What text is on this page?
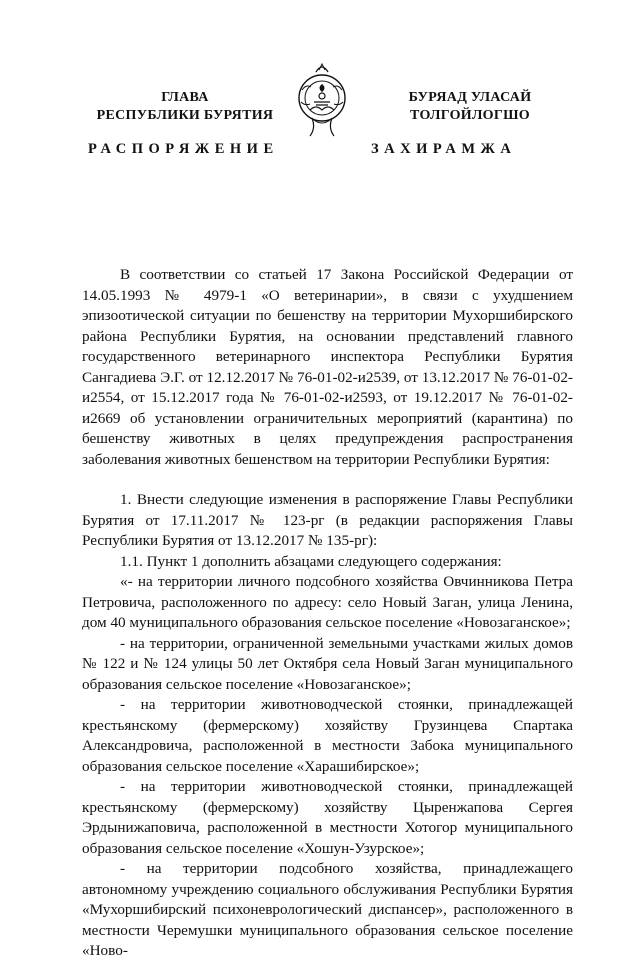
ГЛАВА
РЕСПУБЛИКИ БУРЯТИЯ
БУРЯАД УЛАСАЙ
ТОЛГОЙЛОГШО
РАСПОРЯЖЕНИЕ	ЗАХИРАМЖА

В соответствии со статьей 17 Закона Российской Федерации от 14.05.1993 № 4979-1 «О ветеринарии», в связи с ухудшением эпизоотической ситуации по бешенству на территории Мухоршибирского района Республики Бурятия, на основании представлений главного государственного ветеринарного инспектора Республики Бурятия Сангадиева Э.Г. от 12.12.2017 № 76-01-02-и2539, от 13.12.2017 № 76-01-02-и2554, от 15.12.2017 года № 76-01-02-и2593, от 19.12.2017 № 76-01-02-и2669 об установлении ограничительных мероприятий (карантина) по бешенству животных в целях предупреждения распространения заболевания животных бешенством на территории Республики Бурятия:

1. Внести следующие изменения в распоряжение Главы Республики Бурятия от 17.11.2017 № 123-рг (в редакции распоряжения Главы Республики Бурятия от 13.12.2017 № 135-рг):

1.1. Пункт 1 дополнить абзацами следующего содержания:

«- на территории личного подсобного хозяйства Овчинникова Петра Петровича, расположенного по адресу: село Новый Заган, улица Ленина, дом 40 муниципального образования сельское поселение «Новозаганское»;

- на территории, ограниченной земельными участками жилых домов № 122 и № 124 улицы 50 лет Октября села Новый Заган муниципального образования сельское поселение «Новозаганское»;

- на территории животноводческой стоянки, принадлежащей крестьянскому (фермерскому) хозяйству Грузинцева Спартака Александровича, расположенной в местности Забока муниципального образования сельское поселение «Харашибирское»;

- на территории животноводческой стоянки, принадлежащей крестьянскому (фермерскому) хозяйству Цыренжапова Сергея Эрдынижаповича, расположенной в местности Хотогор муниципального образования сельское поселение «Хошун-Узурское»;

- на территории подсобного хозяйства, принадлежащего автономному учреждению социального обслуживания Республики Бурятия «Мухоршибирский психоневрологический диспансер», расположенного в местности Черемушки муниципального образования сельское поселение «Ново-
